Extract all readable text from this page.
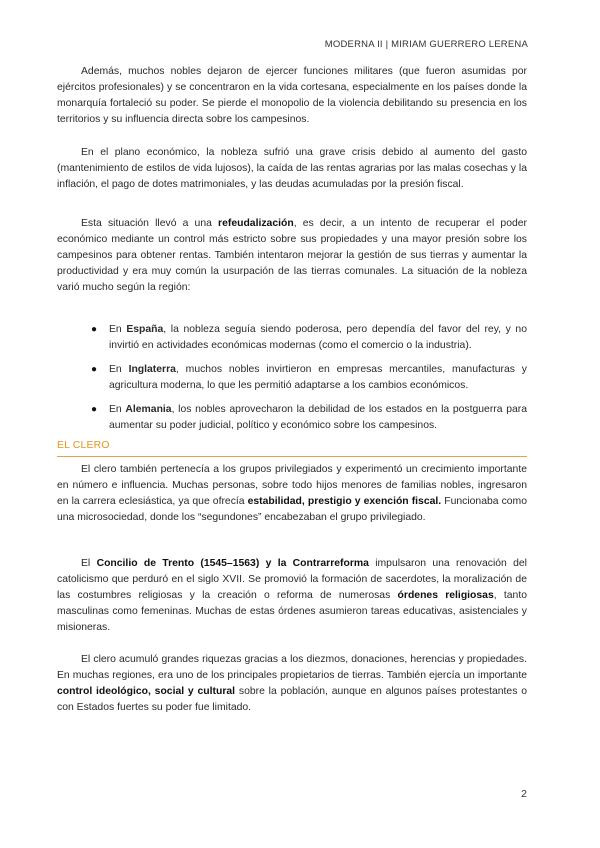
MODERNA II | MIRIAM GUERRERO LERENA

Además, muchos nobles dejaron de ejercer funciones militares (que fueron asumidas por ejércitos profesionales) y se concentraron en la vida cortesana, especialmente en los países donde la monarquía fortaleció su poder. Se pierde el monopolio de la violencia debilitando su presencia en los territorios y su influencia directa sobre los campesinos.

En el plano económico, la nobleza sufrió una grave crisis debido al aumento del gasto (mantenimiento de estilos de vida lujosos), la caída de las rentas agrarias por las malas cosechas y la inflación, el pago de dotes matrimoniales, y las deudas acumuladas por la presión fiscal.

Esta situación llevó a una refeudalización, es decir, a un intento de recuperar el poder económico mediante un control más estricto sobre sus propiedades y una mayor presión sobre los campesinos para obtener rentas. También intentaron mejorar la gestión de sus tierras y aumentar la productividad y era muy común la usurpación de las tierras comunales. La situación de la nobleza varió mucho según la región:

● En España, la nobleza seguía siendo poderosa, pero dependía del favor del rey, y no invirtió en actividades económicas modernas (como el comercio o la industria).
● En Inglaterra, muchos nobles invirtieron en empresas mercantiles, manufacturas y agricultura moderna, lo que les permitió adaptarse a los cambios económicos.
● En Alemania, los nobles aprovecharon la debilidad de los estados en la postguerra para aumentar su poder judicial, político y económico sobre los campesinos.
EL CLERO

El clero también pertenecía a los grupos privilegiados y experimentó un crecimiento importante en número e influencia. Muchas personas, sobre todo hijos menores de familias nobles, ingresaron en la carrera eclesiástica, ya que ofrecía estabilidad, prestigio y exención fiscal. Funcionaba como una microsociedad, donde los “segundones” encabezaban el grupo privilegiado.

El Concilio de Trento (1545–1563) y la Contrarreforma impulsaron una renovación del catolicismo que perduró en el siglo XVII. Se promovió la formación de sacerdotes, la moralización de las costumbres religiosas y la creación o reforma de numerosas órdenes religiosas, tanto masculinas como femeninas. Muchas de estas órdenes asumieron tareas educativas, asistenciales y misioneras.

El clero acumuló grandes riquezas gracias a los diezmos, donaciones, herencias y propiedades. En muchas regiones, era uno de los principales propietarios de tierras. También ejercía un importante control ideológico, social y cultural sobre la población, aunque en algunos países protestantes o con Estados fuertes su poder fue limitado.

2
